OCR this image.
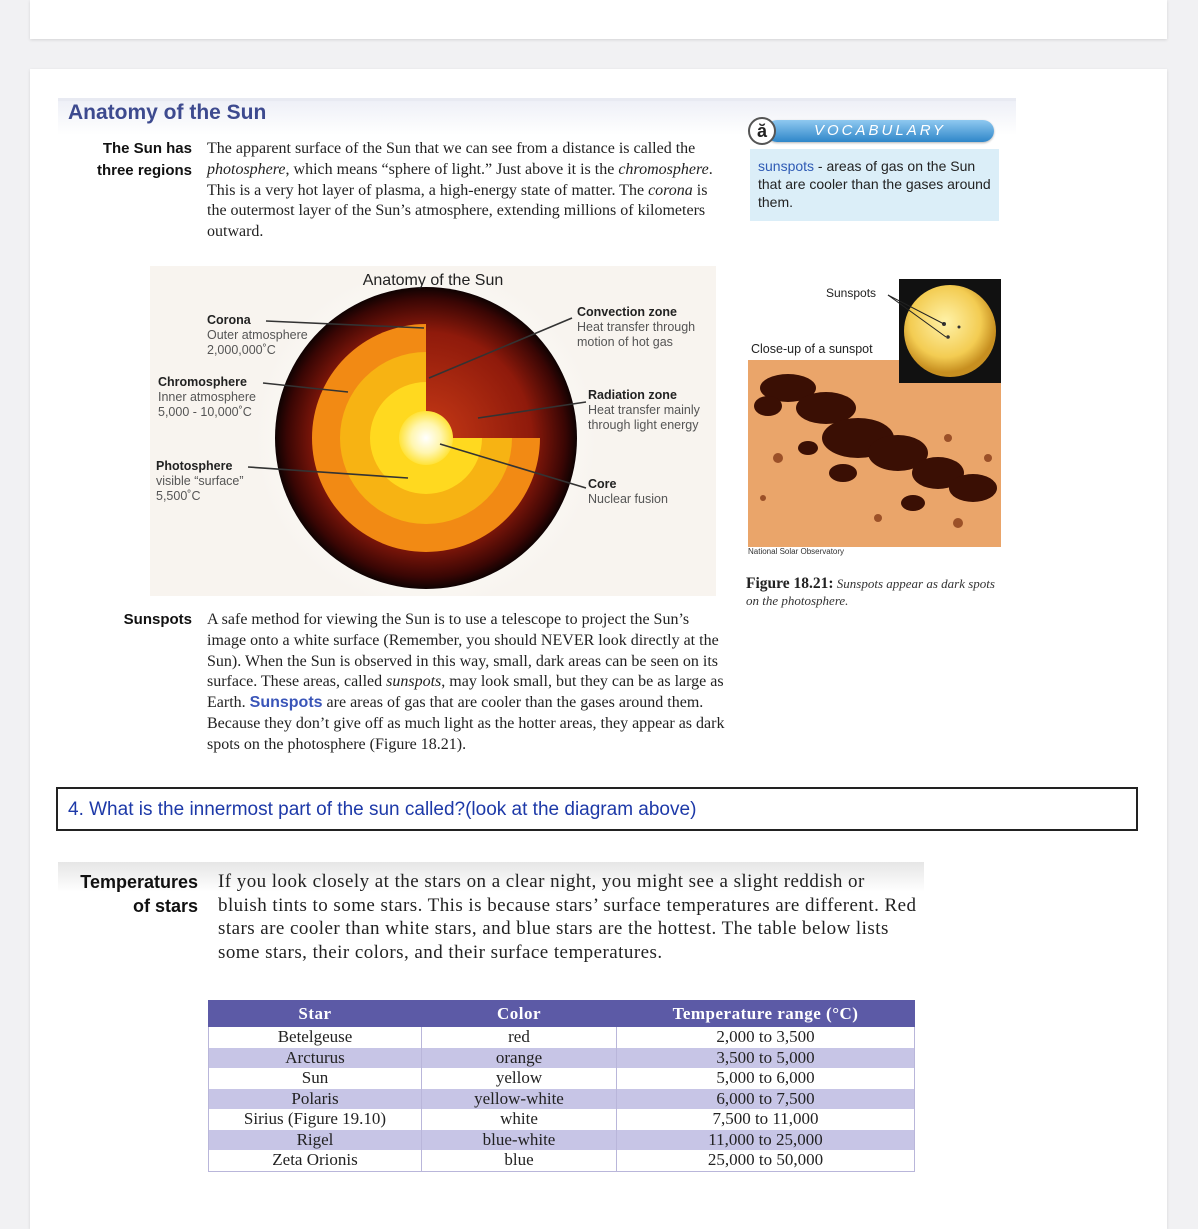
Anatomy of the Sun
The Sun has
three regions
The apparent surface of the Sun that we can see from a distance is called the photosphere, which means “sphere of light.” Just above it is the chromosphere. This is a very hot layer of plasma, a high-energy state of matter. The corona is the outermost layer of the Sun’s atmosphere, extending millions of kilometers outward.
VOCABULARY
ă
sunspots - areas of gas on the Sun that are cooler than the gases around them.
Anatomy of the Sun
Corona
Outer atmosphere
2,000,000˚C
Chromosphere
Inner atmosphere
5,000 - 10,000˚C
Photosphere
visible “surface”
5,500˚C
Convection zone
Heat transfer through
motion of hot gas
Radiation zone
Heat transfer mainly
through light energy
Core
Nuclear fusion
Sunspots
Close-up of a sunspot
National Solar Observatory
Figure 18.21: Sunspots appear as dark spots on the photosphere.
Sunspots A safe method for viewing the Sun is to use a telescope to project the Sun’s image onto a white surface (Remember, you should NEVER look directly at the Sun). When the Sun is observed in this way, small, dark areas can be seen on its surface. These areas, called sunspots, may look small, but they can be as large as Earth. Sunspots are areas of gas that are cooler than the gases around them. Because they don’t give off as much light as the hotter areas, they appear as dark spots on the photosphere (Figure 18.21).
4. What is the innermost part of the sun called?(look at the diagram above)
Temperatures
of stars
If you look closely at the stars on a clear night, you might see a slight reddish or bluish tints to some stars. This is because stars’ surface temperatures are different. Red stars are cooler than white stars, and blue stars are the hottest. The table below lists some stars, their colors, and their surface temperatures.
Star	Color	Temperature range (°C)
Betelgeuse	red	2,000 to 3,500
Arcturus	orange	3,500 to 5,000
Sun	yellow	5,000 to 6,000
Polaris	yellow-white	6,000 to 7,500
Sirius (Figure 19.10)	white	7,500 to 11,000
Rigel	blue-white	11,000 to 25,000
Zeta Orionis	blue	25,000 to 50,000
